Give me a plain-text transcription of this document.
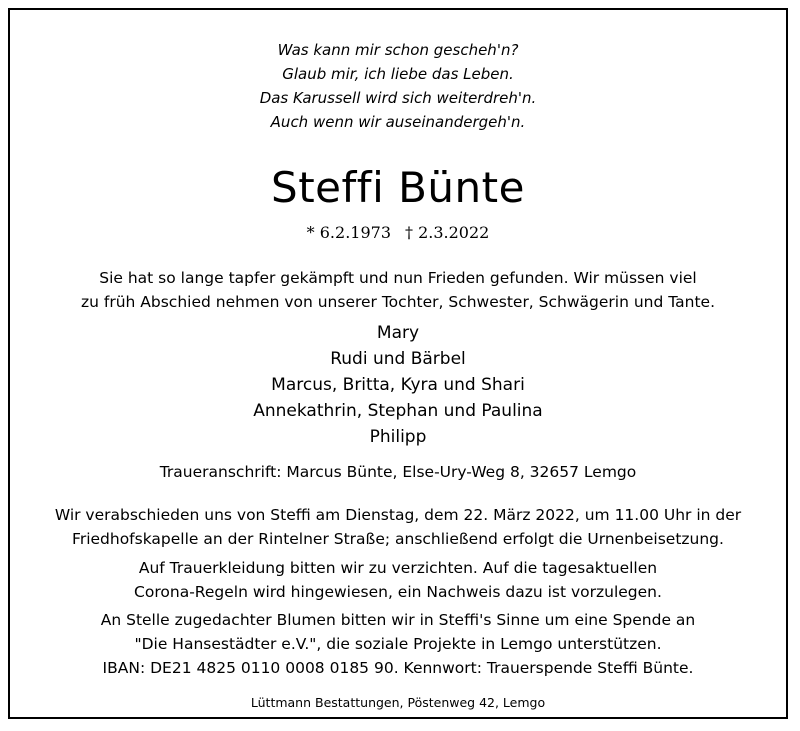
Was kann mir schon gescheh'n?
Glaub mir, ich liebe das Leben.
Das Karussell wird sich weiterdreh'n.
Auch wenn wir auseinandergeh'n.
Steffi Bünte
* 6.2.1973 † 2.3.2022
Sie hat so lange tapfer gekämpft und nun Frieden gefunden. Wir müssen viel
zu früh Abschied nehmen von unserer Tochter, Schwester, Schwägerin und Tante.
Mary
Rudi und Bärbel
Marcus, Britta, Kyra und Shari
Annekathrin, Stephan und Paulina
Philipp
Traueranschrift: Marcus Bünte, Else-Ury-Weg 8, 32657 Lemgo
Wir verabschieden uns von Steffi am Dienstag, dem 22. März 2022, um 11.00 Uhr in der
Friedhofskapelle an der Rintelner Straße; anschließend erfolgt die Urnenbeisetzung.
Auf Trauerkleidung bitten wir zu verzichten. Auf die tagesaktuellen
Corona-Regeln wird hingewiesen, ein Nachweis dazu ist vorzulegen.
An Stelle zugedachter Blumen bitten wir in Steffi's Sinne um eine Spende an
"Die Hansestädter e.V.", die soziale Projekte in Lemgo unterstützen.
IBAN: DE21 4825 0110 0008 0185 90. Kennwort: Trauerspende Steffi Bünte.
Lüttmann Bestattungen, Pöstenweg 42, Lemgo
